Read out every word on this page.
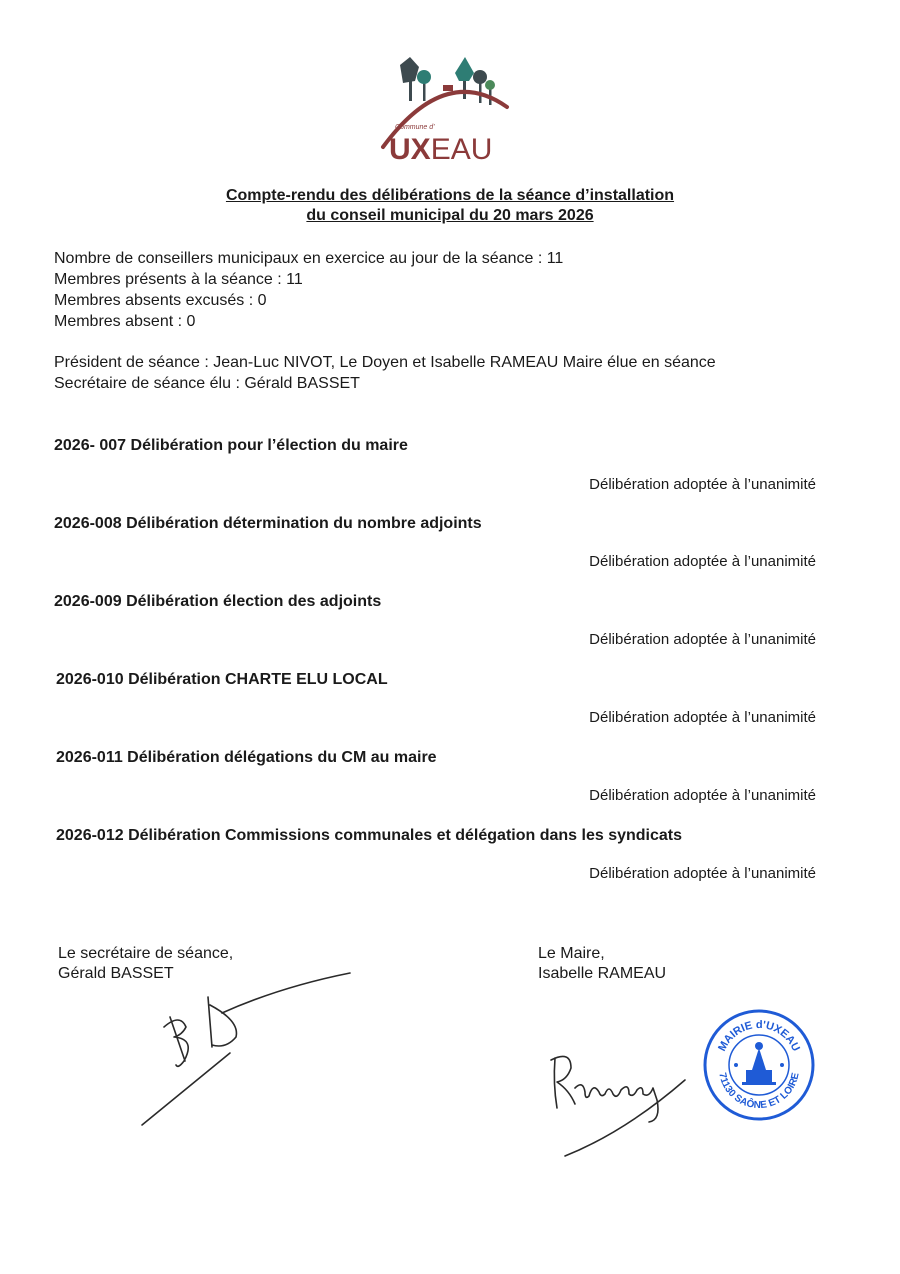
Commune d'
UXEAU
Compte-rendu des délibérations de la séance d’installation
du conseil municipal du 20 mars 2026
Nombre de conseillers municipaux en exercice au jour de la séance : 11
Membres présents à la séance : 11
Membres absents excusés : 0
Membres absent : 0
Président de séance : Jean-Luc NIVOT, Le Doyen et Isabelle RAMEAU Maire élue en séance
Secrétaire de séance élu : Gérald BASSET
2026- 007 Délibération pour l’élection du maire
Délibération adoptée à l’unanimité
2026-008 Délibération détermination du nombre adjoints
Délibération adoptée à l’unanimité
2026-009 Délibération élection des adjoints
Délibération adoptée à l’unanimité
2026-010 Délibération CHARTE ELU LOCAL
Délibération adoptée à l’unanimité
2026-011 Délibération délégations du CM au maire
Délibération adoptée à l’unanimité
2026-012 Délibération Commissions communales et délégation dans les syndicats
Délibération adoptée à l’unanimité
Le secrétaire de séance,
Gérald BASSET
Le Maire,
Isabelle RAMEAU
MAIRIE d'UXEAU
71130 SAÔNE ET LOIRE
